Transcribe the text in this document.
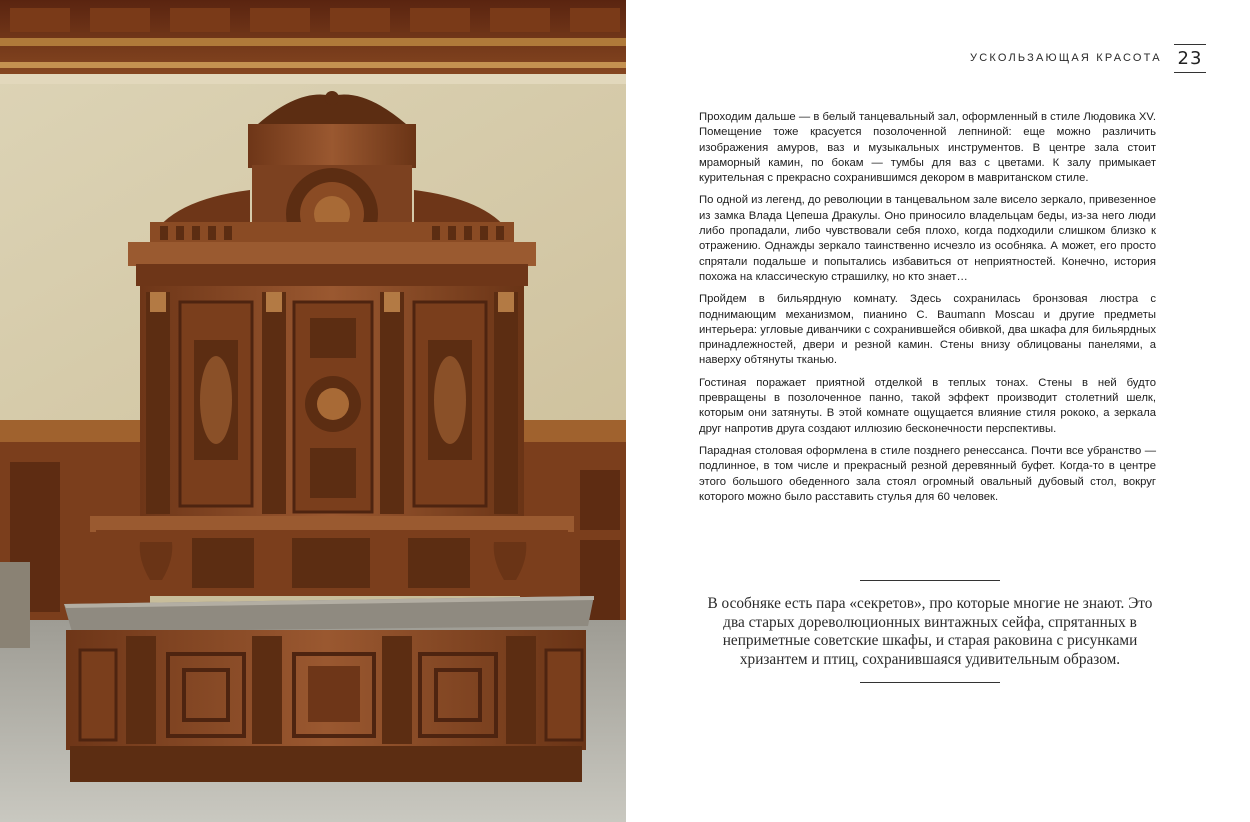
УСКОЛЬЗАЮЩАЯ КРАСОТА 23

Проходим дальше — в белый танцевальный зал, оформленный в стиле Людовика XV. Помещение тоже красуется позолоченной лепниной: еще можно различить изображения амуров, ваз и музыкальных инструментов. В центре зала стоит мраморный камин, по бокам — тумбы для ваз с цветами. К залу примыкает курительная с прекрасно сохранившимся декором в мавританском стиле.

По одной из легенд, до революции в танцевальном зале висело зеркало, привезенное из замка Влада Цепеша Дракулы. Оно приносило владельцам беды, из-за него люди либо пропадали, либо чувствовали себя плохо, когда подходили слишком близко к отражению. Однажды зеркало таинственно исчезло из особняка. А может, его просто спрятали подальше и попытались избавиться от неприятностей. Конечно, история похожа на классическую страшилку, но кто знает…

Пройдем в бильярдную комнату. Здесь сохранилась бронзовая люстра с поднимающим механизмом, пианино C. Baumann Moscau и другие предметы интерьера: угловые диванчики с сохранившейся обивкой, два шкафа для бильярдных принадлежностей, двери и резной камин. Стены внизу облицованы панелями, а наверху обтянуты тканью.

Гостиная поражает приятной отделкой в теплых тонах. Стены в ней будто превращены в позолоченное панно, такой эффект производит столетний шелк, которым они затянуты. В этой комнате ощущается влияние стиля рококо, а зеркала друг напротив друга создают иллюзию бесконечности перспективы.

Парадная столовая оформлена в стиле позднего ренессанса. Почти все убранство — подлинное, в том числе и прекрасный резной деревянный буфет. Когда-то в центре этого большого обеденного зала стоял огромный овальный дубовый стол, вокруг которого можно было расставить стулья для 60 человек.

В особняке есть пара «секретов», про которые многие не знают. Это два старых дореволюционных винтажных сейфа, спрятанных в неприметные советские шкафы, и старая раковина с рисунками хризантем и птиц, сохранившаяся удивительным образом.
